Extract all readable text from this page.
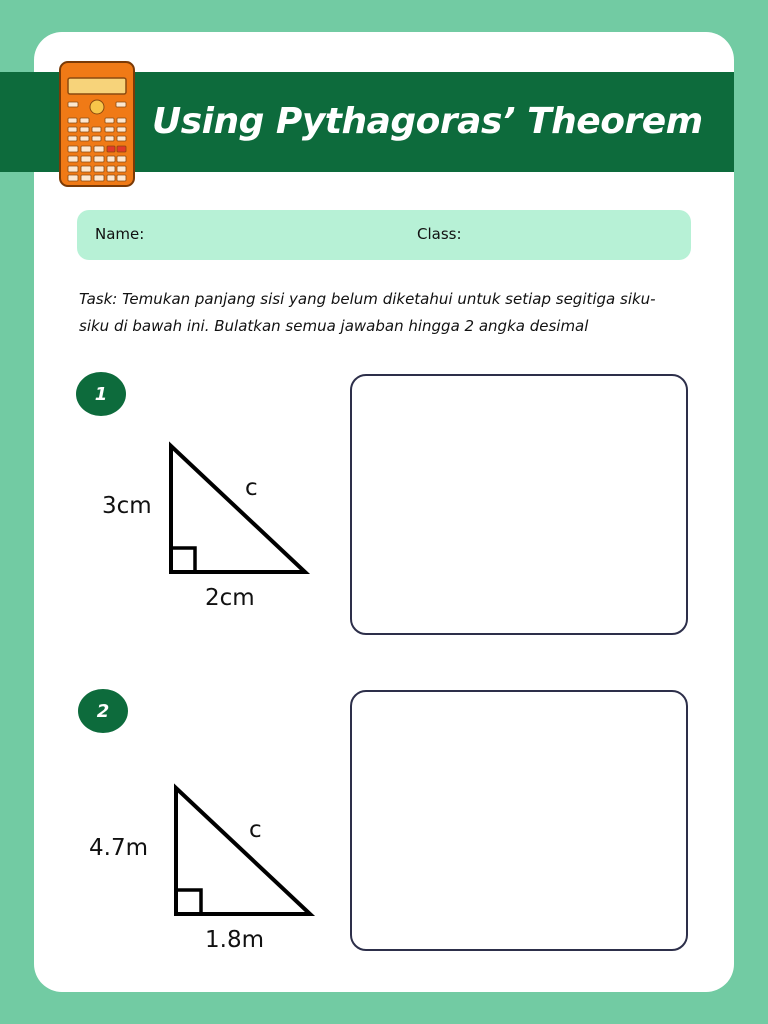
Using Pythagoras’ Theorem
Name:	Class:
Task: Temukan panjang sisi yang belum diketahui untuk setiap segitiga siku-siku di bawah ini. Bulatkan semua jawaban hingga 2 angka desimal
1
3cm
c
2cm
2
4.7m
c
1.8m
